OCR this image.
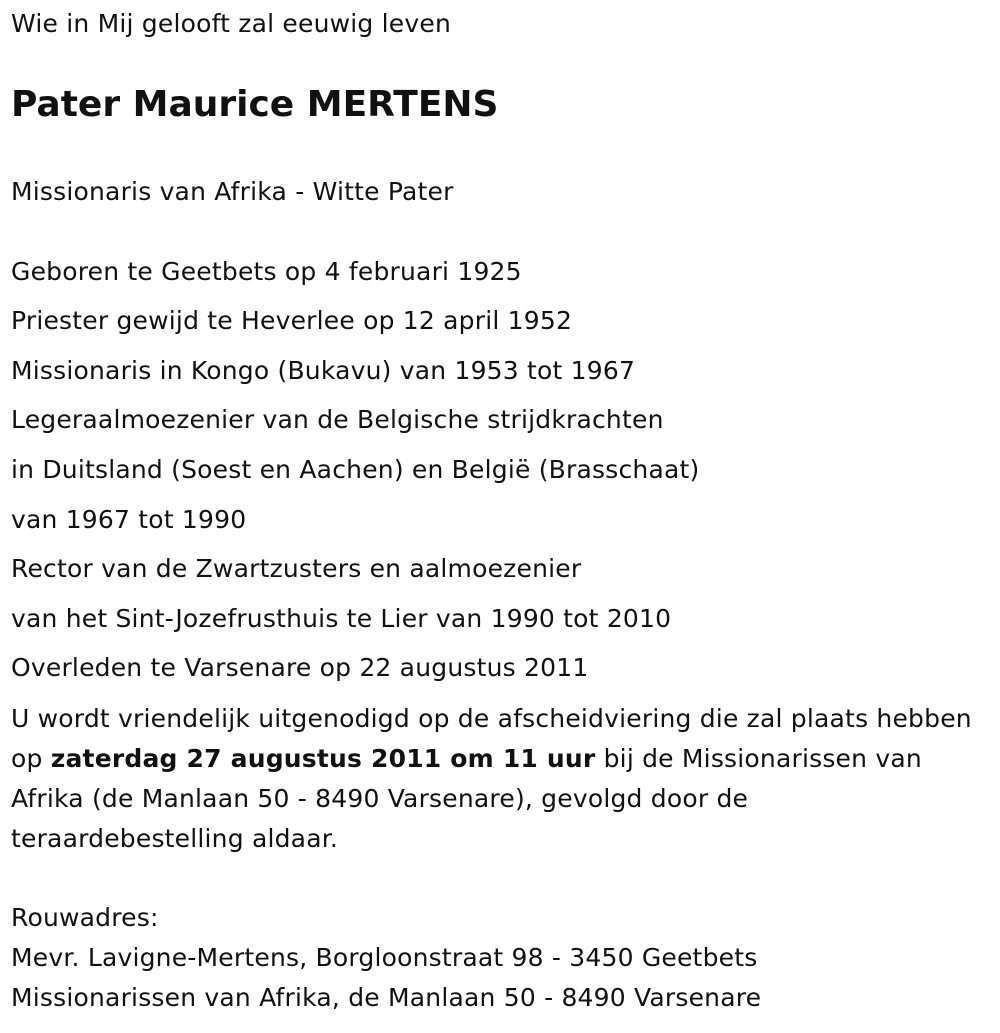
Wie in Mij gelooft zal eeuwig leven
Pater Maurice MERTENS
Missionaris van Afrika - Witte Pater
Geboren te Geetbets op 4 februari 1925
Priester gewijd te Heverlee op 12 april 1952
Missionaris in Kongo (Bukavu) van 1953 tot 1967
Legeraalmoezenier van de Belgische strijdkrachten
in Duitsland (Soest en Aachen) en België (Brasschaat)
van 1967 tot 1990
Rector van de Zwartzusters en aalmoezenier
van het Sint-Jozefrusthuis te Lier van 1990 tot 2010
Overleden te Varsenare op 22 augustus 2011
U wordt vriendelijk uitgenodigd op de afscheidviering die zal plaats hebben op zaterdag 27 augustus 2011 om 11 uur bij de Missionarissen van Afrika (de Manlaan 50 - 8490 Varsenare), gevolgd door de teraardebestelling aldaar.
Rouwadres:
Mevr. Lavigne-Mertens, Borgloonstraat 98 - 3450 Geetbets
Missionarissen van Afrika, de Manlaan 50 - 8490 Varsenare
